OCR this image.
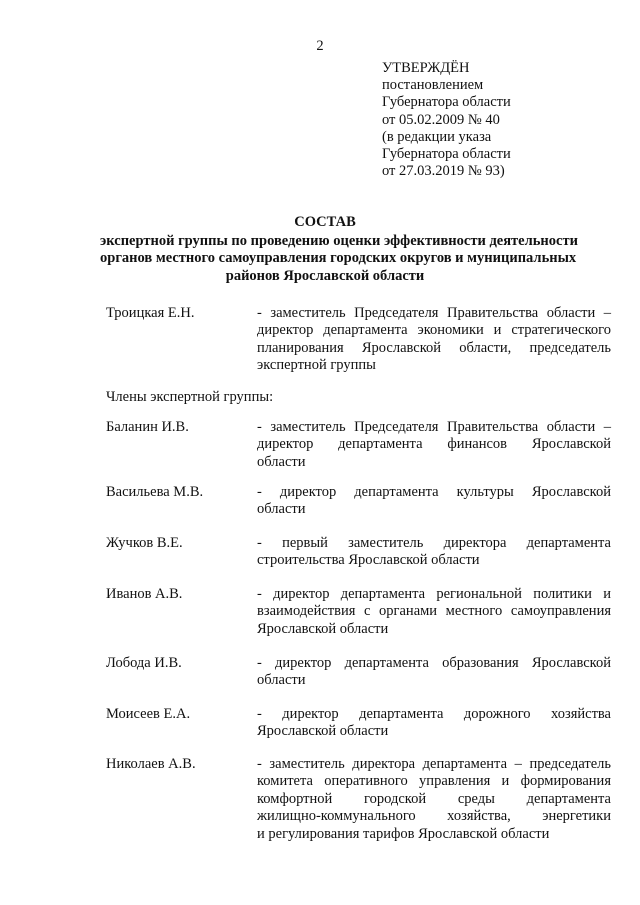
2
УТВЕРЖДЁН
постановлением
Губернатора области
от 05.02.2009 № 40
(в редакции указа
Губернатора области
от 27.03.2019 № 93)
СОСТАВ
экспертной группы по проведению оценки эффективности деятельности
органов местного самоуправления городских округов и муниципальных
районов Ярославской области
Троицкая Е.Н.	- заместитель Председателя Правительства области –
директор департамента экономики и стратегического
планирования Ярославской области, председатель
экспертной группы
Члены экспертной группы:
Баланин И.В.	- заместитель Председателя Правительства области –
директор департамента финансов Ярославской
области
Васильева М.В.	- директор департамента культуры Ярославской
области
Жучков В.Е.	- первый заместитель директора департамента
строительства Ярославской области
Иванов А.В.	- директор департамента региональной политики и
взаимодействия с органами местного самоуправления
Ярославской области
Лобода И.В.	- директор департамента образования Ярославской
области
Моисеев Е.А.	- директор департамента дорожного хозяйства
Ярославской области
Николаев А.В.	- заместитель директора департамента – председатель
комитета оперативного управления и формирования
комфортной городской среды департамента
жилищно-коммунального хозяйства, энергетики
и регулирования тарифов Ярославской области
